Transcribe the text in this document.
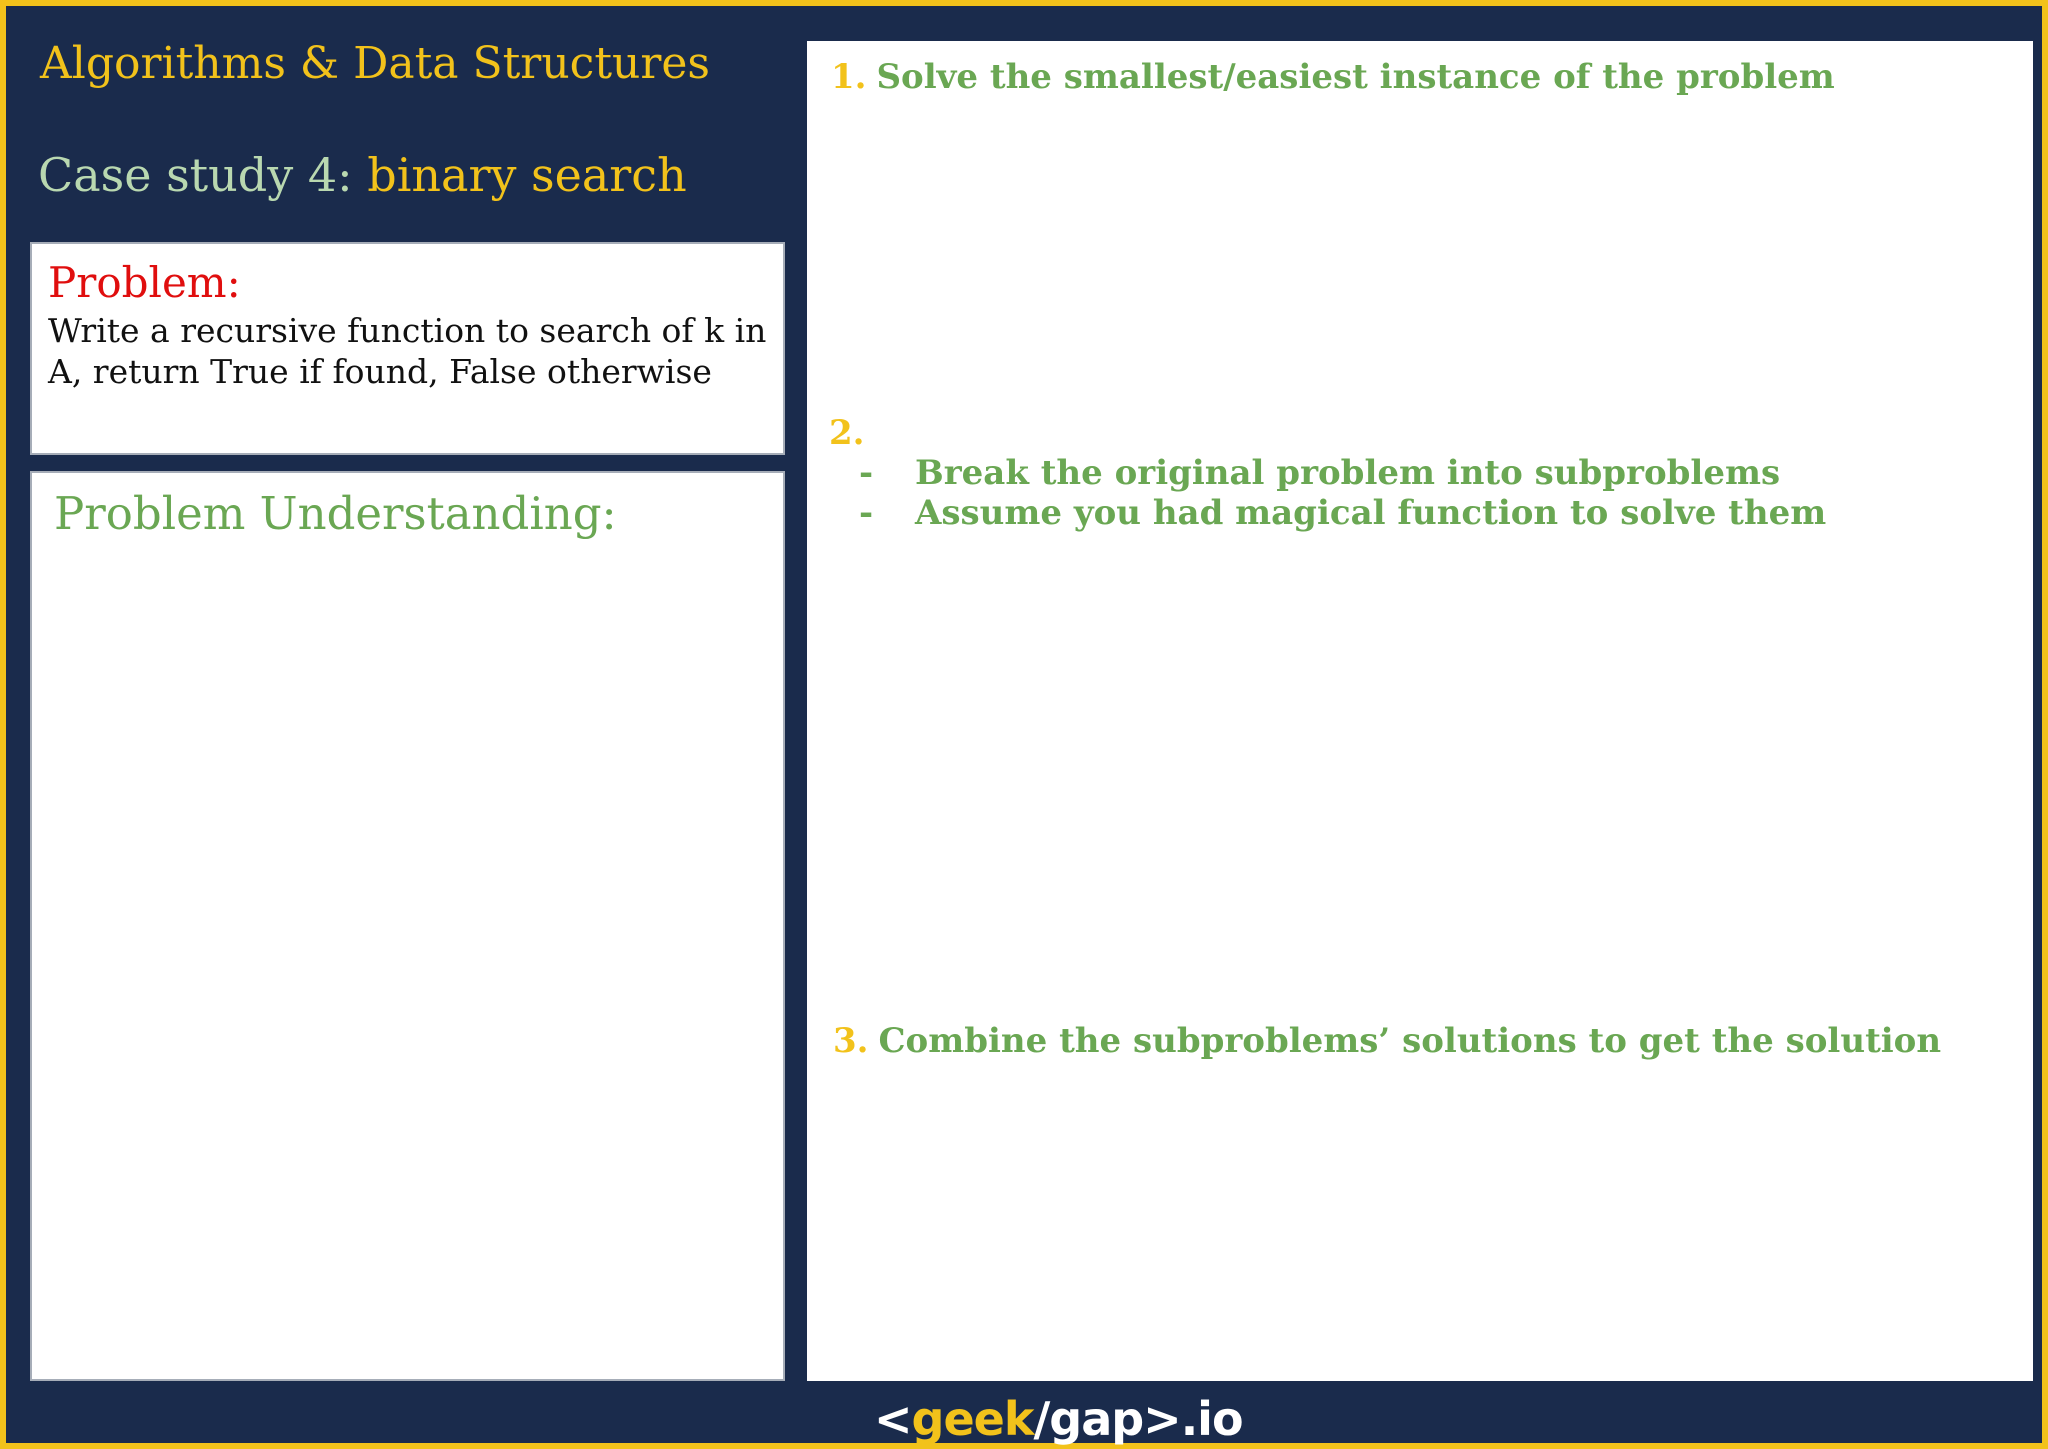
Algorithms & Data Structures
Case study 4: binary search
Problem:
Write a recursive function to search of k in A, return True if found, False otherwise
Problem Understanding:
1. Solve the smallest/easiest instance of the problem
2.
- Break the original problem into subproblems
- Assume you had magical function to solve them
3. Combine the subproblems’ solutions to get the solution
<geek/gap>.io
